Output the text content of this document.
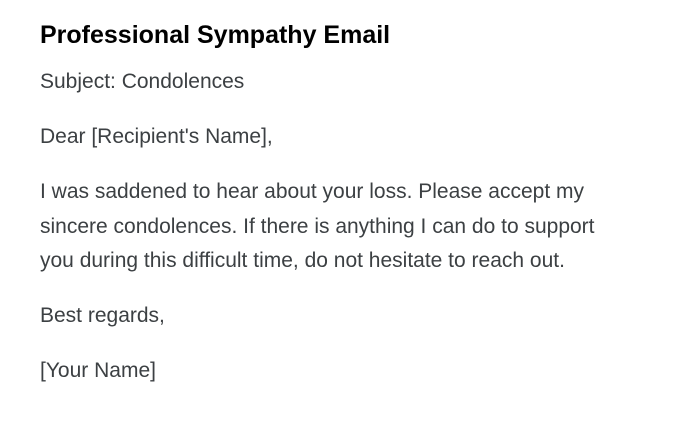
Professional Sympathy Email

Subject: Condolences

Dear [Recipient's Name],

I was saddened to hear about your loss. Please accept my sincere condolences. If there is anything I can do to support you during this difficult time, do not hesitate to reach out.

Best regards,

[Your Name]
